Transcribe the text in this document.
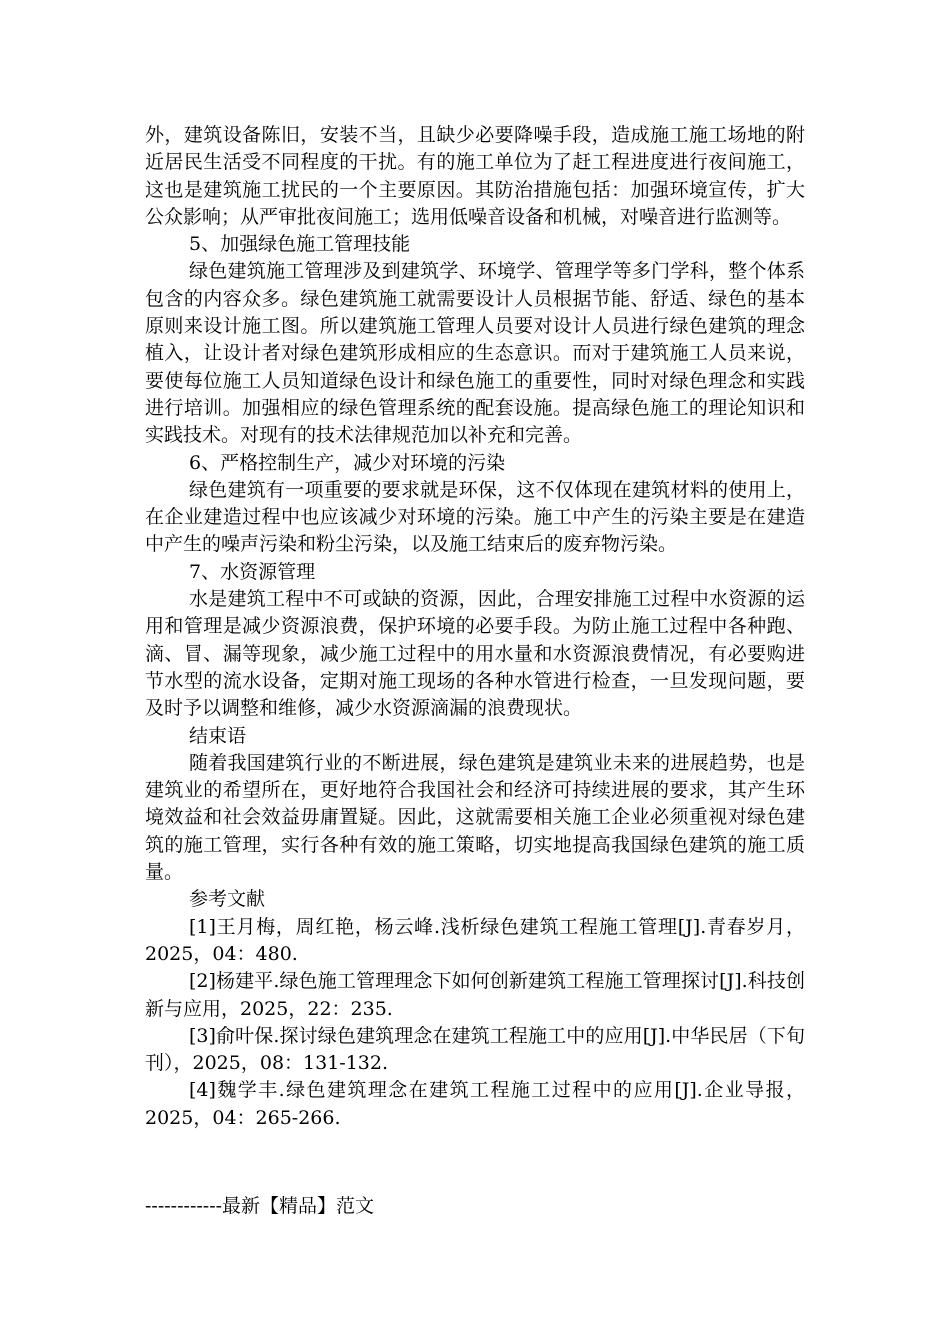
外，建筑设备陈旧，安装不当，且缺少必要降噪手段，造成施工施工场地的附近居民生活受不同程度的干扰。有的施工单位为了赶工程进度进行夜间施工，这也是建筑施工扰民的一个主要原因。其防治措施包括：加强环境宣传，扩大公众影响；从严审批夜间施工；选用低噪音设备和机械，对噪音进行监测等。

5、加强绿色施工管理技能

绿色建筑施工管理涉及到建筑学、环境学、管理学等多门学科，整个体系包含的内容众多。绿色建筑施工就需要设计人员根据节能、舒适、绿色的基本原则来设计施工图。所以建筑施工管理人员要对设计人员进行绿色建筑的理念植入，让设计者对绿色建筑形成相应的生态意识。而对于建筑施工人员来说，要使每位施工人员知道绿色设计和绿色施工的重要性，同时对绿色理念和实践进行培训。加强相应的绿色管理系统的配套设施。提高绿色施工的理论知识和实践技术。对现有的技术法律规范加以补充和完善。

6、严格控制生产，减少对环境的污染

绿色建筑有一项重要的要求就是环保，这不仅体现在建筑材料的使用上，在企业建造过程中也应该减少对环境的污染。施工中产生的污染主要是在建造中产生的噪声污染和粉尘污染，以及施工结束后的废弃物污染。

7、水资源管理

水是建筑工程中不可或缺的资源，因此，合理安排施工过程中水资源的运用和管理是减少资源浪费，保护环境的必要手段。为防止施工过程中各种跑、滴、冒、漏等现象，减少施工过程中的用水量和水资源浪费情况，有必要购进节水型的流水设备，定期对施工现场的各种水管进行检查，一旦发现问题，要及时予以调整和维修，减少水资源滴漏的浪费现状。

结束语

随着我国建筑行业的不断进展，绿色建筑是建筑业未来的进展趋势，也是建筑业的希望所在，更好地符合我国社会和经济可持续进展的要求，其产生环境效益和社会效益毋庸置疑。因此，这就需要相关施工企业必须重视对绿色建筑的施工管理，实行各种有效的施工策略，切实地提高我国绿色建筑的施工质量。

参考文献

[1]王月梅，周红艳，杨云峰.浅析绿色建筑工程施工管理[J].青春岁月，2025，04：480.

[2]杨建平.绿色施工管理理念下如何创新建筑工程施工管理探讨[J].科技创新与应用，2025，22：235.

[3]俞叶保.探讨绿色建筑理念在建筑工程施工中的应用[J].中华民居（下旬刊），2025，08：131-132.

[4]魏学丰.绿色建筑理念在建筑工程施工过程中的应用[J].企业导报，2025，04：265-266.

------------最新【精品】范文
